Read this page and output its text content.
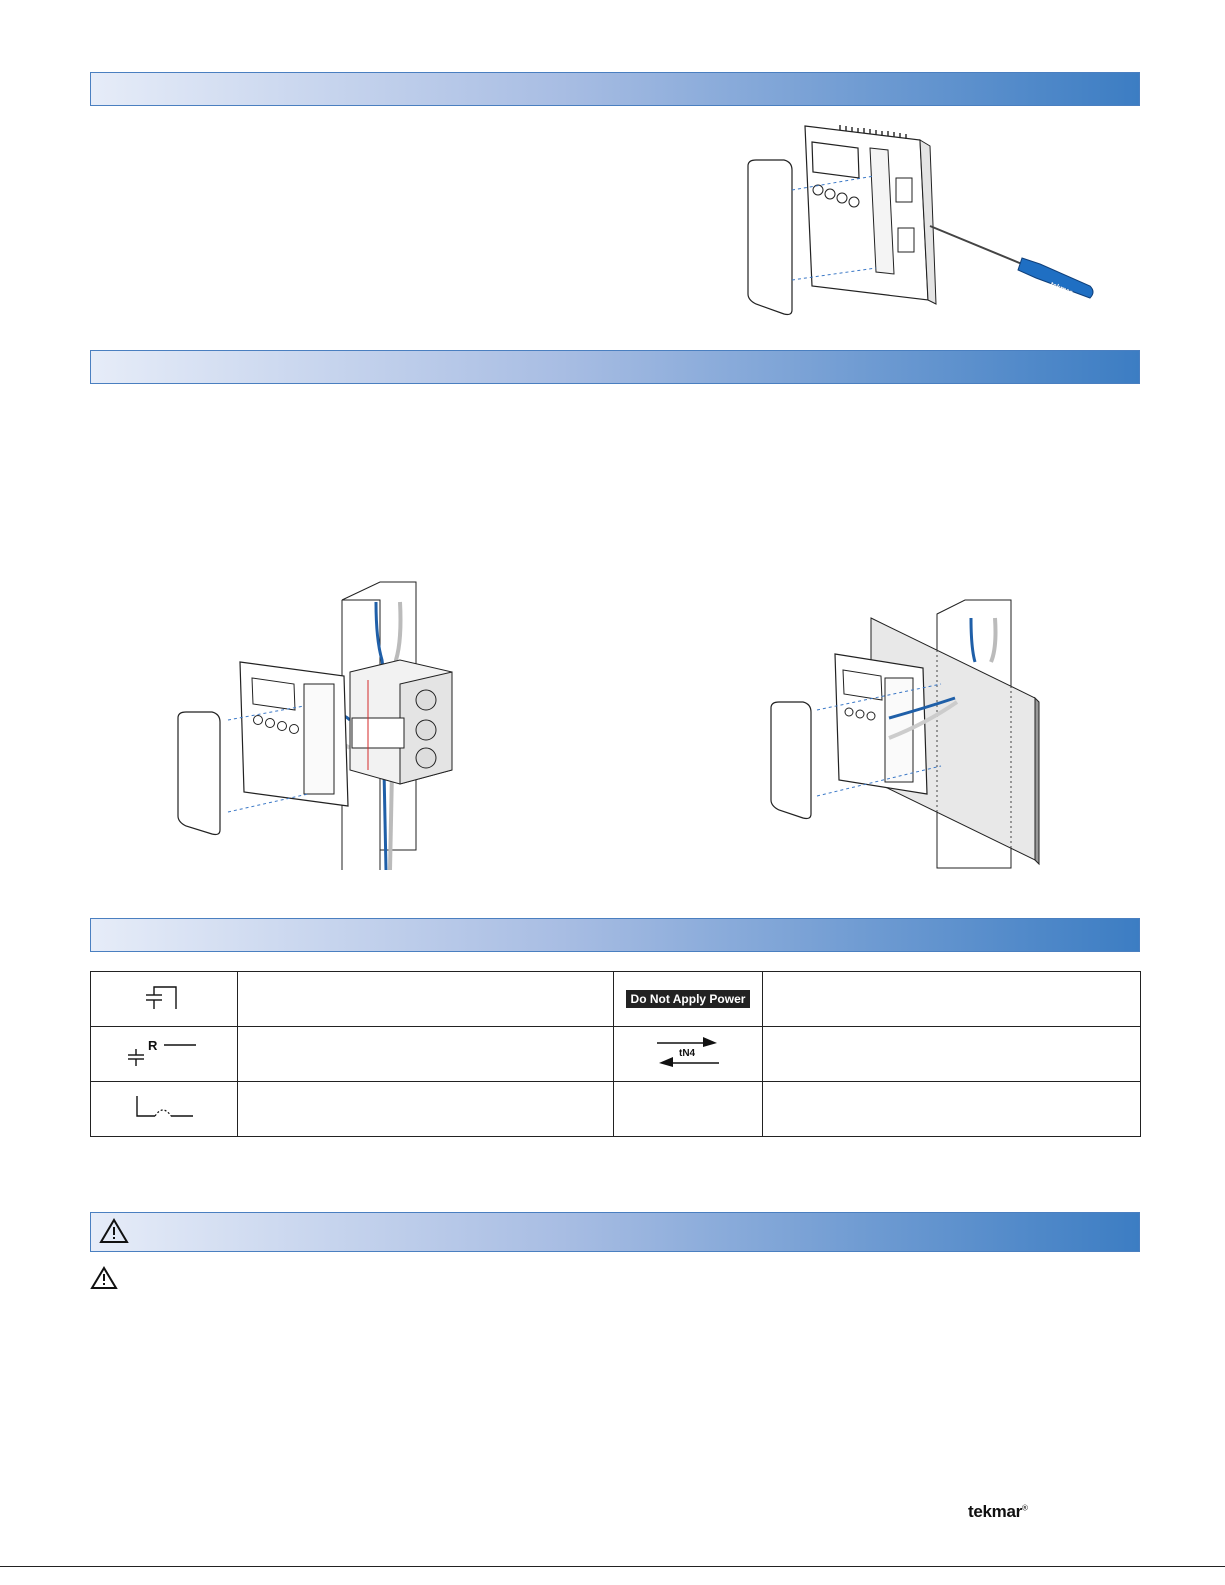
tekmar
		Do Not Apply Power	

R		tN4	

tekmar®
